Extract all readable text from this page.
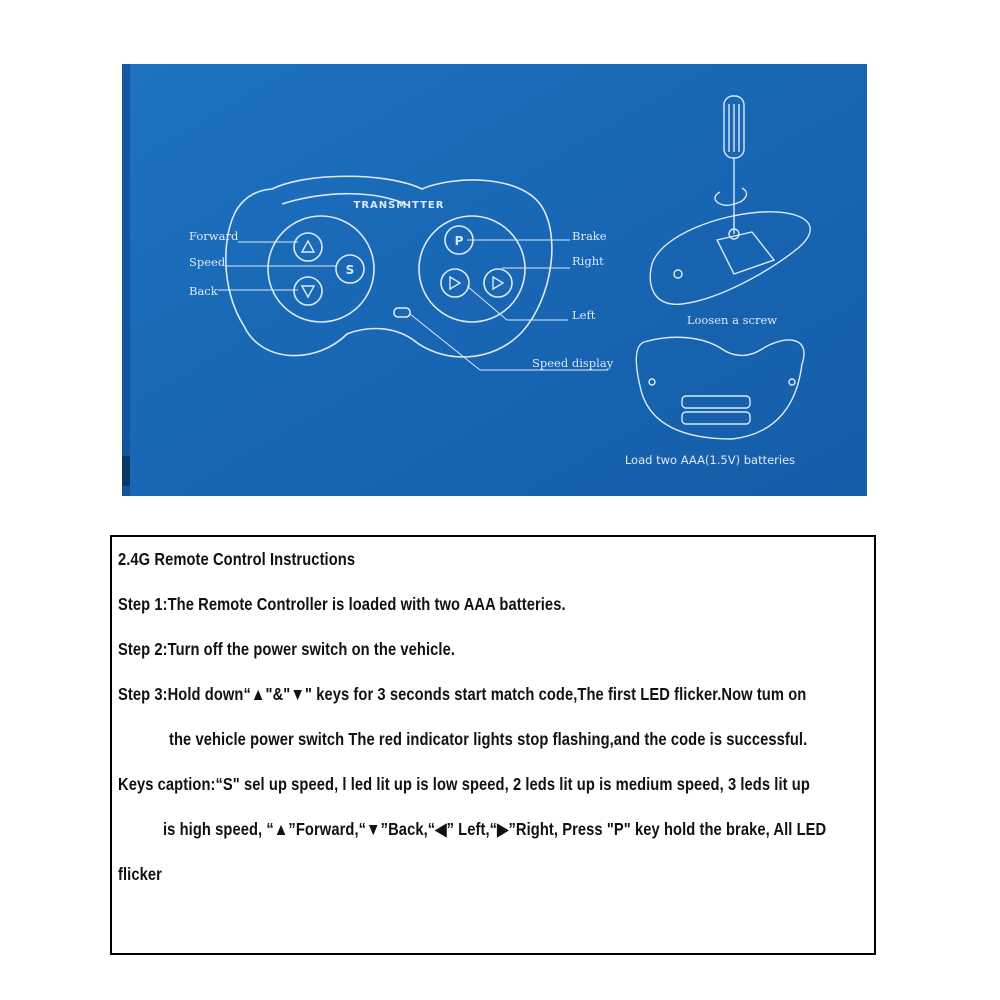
S
P
TRANSMITTER
Forward
Speed
Back
Brake
Right
Left
Speed display
Loosen a screw
Load two AAA(1.5V) batteries
2.4G Remote Control Instructions
Step 1:The Remote Controller is loaded with two AAA batteries.
Step 2:Turn off the power switch on the vehicle.
Step 3:Hold down“▲"&"▼" keys for 3 seconds start match code,The first LED flicker.Now tum on
the vehicle power switch The red indicator lights stop flashing,and the code is successful.
Keys caption:“S" sel up speed, l led lit up is low speed, 2 leds lit up is medium speed, 3 leds lit up
is high speed, “▲”Forward,“▼”Back,“◀” Left,“▶”Right, Press "P" key hold the brake, All LED
flicker
